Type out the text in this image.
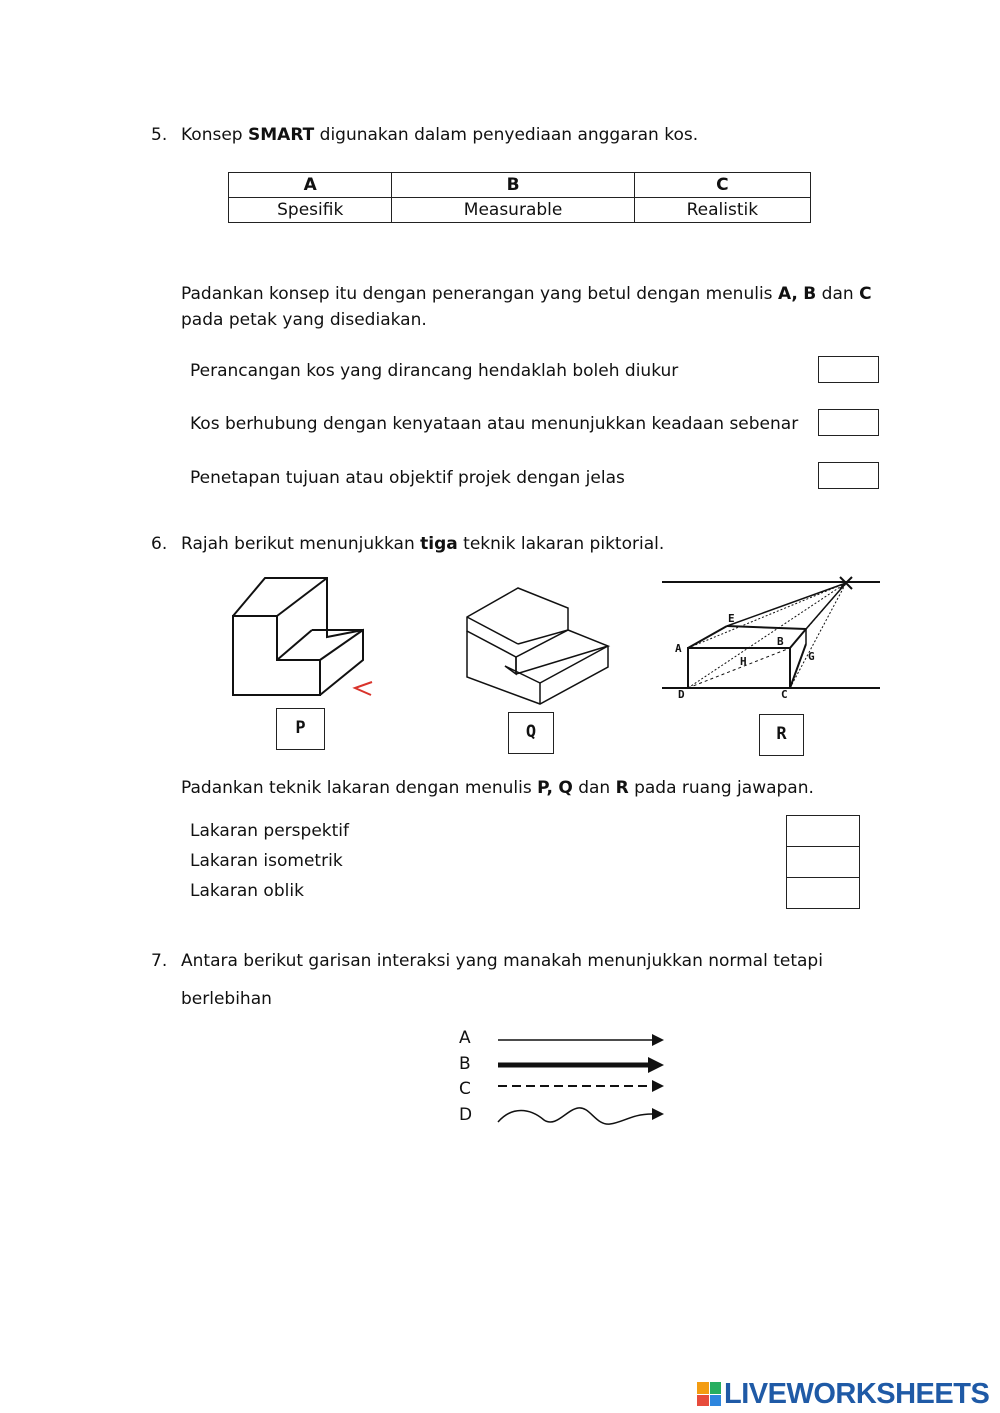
5. Konsep SMART digunakan dalam penyediaan anggaran kos.
A	B	C
Spesifik	Measurable	Realistik
Padankan konsep itu dengan penerangan yang betul dengan menulis A, B dan C
pada petak yang disediakan.
Perancangan kos yang dirancang hendaklah boleh diukur
Kos berhubung dengan kenyataan atau menunjukkan keadaan sebenar
Penetapan tujuan atau objektif projek dengan jelas
6. Rajah berikut menunjukkan tiga teknik lakaran piktorial.
A
B
C
D
E
G
H
P	Q	R
Padankan teknik lakaran dengan menulis P, Q dan R pada ruang jawapan.
Lakaran perspektif
Lakaran isometrik
Lakaran oblik
7. Antara berikut garisan interaksi yang manakah menunjukkan normal tetapi
berlebihan
A
B
C
D
LIVEWORKSHEETS
